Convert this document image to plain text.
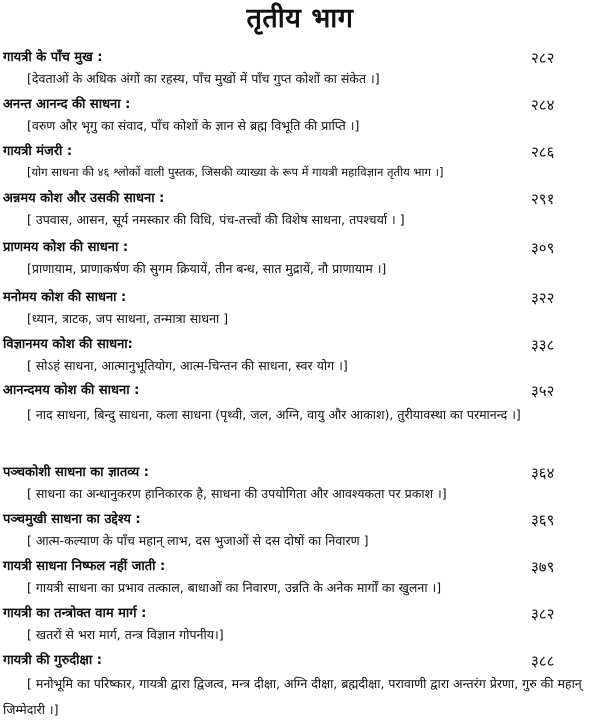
तृतीय भाग
गायत्री के पाँच मुख :	२८२
[देवताओं के अधिक अंगों का रहस्य, पाँच मुखों में पाँच गुप्त कोशों का संकेत ।]
अनन्त आनन्द की साधना :	२८४
[वरुण और भृगु का संवाद, पाँच कोशों के ज्ञान से ब्रह्म विभूति की प्राप्ति ।]
गायत्री मंजरी :	२८६
[योग साधना की ४६ श्लोकों वाली पुस्तक, जिसकी व्याख्या के रूप में गायत्री महाविज्ञान तृतीय भाग ।]
अन्नमय कोश और उसकी साधना :	२९१
[ उपवास, आसन, सूर्य नमस्कार की विधि, पंच-तत्त्वों की विशेष साधना, तपश्चर्या । ]
प्राणमय कोश की साधना :	३०९
[प्राणायाम, प्राणाकर्षण की सुगम क्रियायें, तीन बन्ध, सात मुद्रायें, नौ प्राणायाम ।]
मनोमय कोश की साधना :	३२२
[ध्यान, त्राटक, जप साधना, तन्मात्रा साधना ]
विज्ञानमय कोश की साधना:	३३८
[ सोऽहं साधना, आत्मानुभूतियोग, आत्म-चिन्तन की साधना, स्वर योग ।]
आनन्दमय कोश की साधना :	३५२
[ नाद साधना, बिन्दु साधना, कला साधना (पृथ्वी, जल, अग्नि, वायु और आकाश), तुरीयावस्था का परमानन्द ।]
पञ्चकोशी साधना का ज्ञातव्य :	३६४
[ साधना का अन्धानुकरण हानिकारक है, साधना की उपयोगिता और आवश्यकता पर प्रकाश ।]
पञ्चमुखी साधना का उद्देश्य :	३६९
[ आत्म-कल्याण के पाँच महान् लाभ, दस भुजाओं से दस दोषों का निवारण ]
गायत्री साधना निष्फल नहीं जाती :	३७९
[ गायत्री साधना का प्रभाव तत्काल, बाधाओं का निवारण, उन्नति के अनेक मार्गों का खुलना ।]
गायत्री का तन्त्रोक्त वाम मार्ग :	३८२
[ खतरों से भरा मार्ग, तन्त्र विज्ञान गोपनीय।]
गायत्री की गुरुदीक्षा :	३८८
[ मनोभूमि का परिष्कार, गायत्री द्वारा द्विजत्व, मन्त्र दीक्षा, अग्नि दीक्षा, ब्रह्मदीक्षा, परावाणी द्वारा अन्तरंग प्रेरणा, गुरु की महान् जिम्मेदारी ।]
